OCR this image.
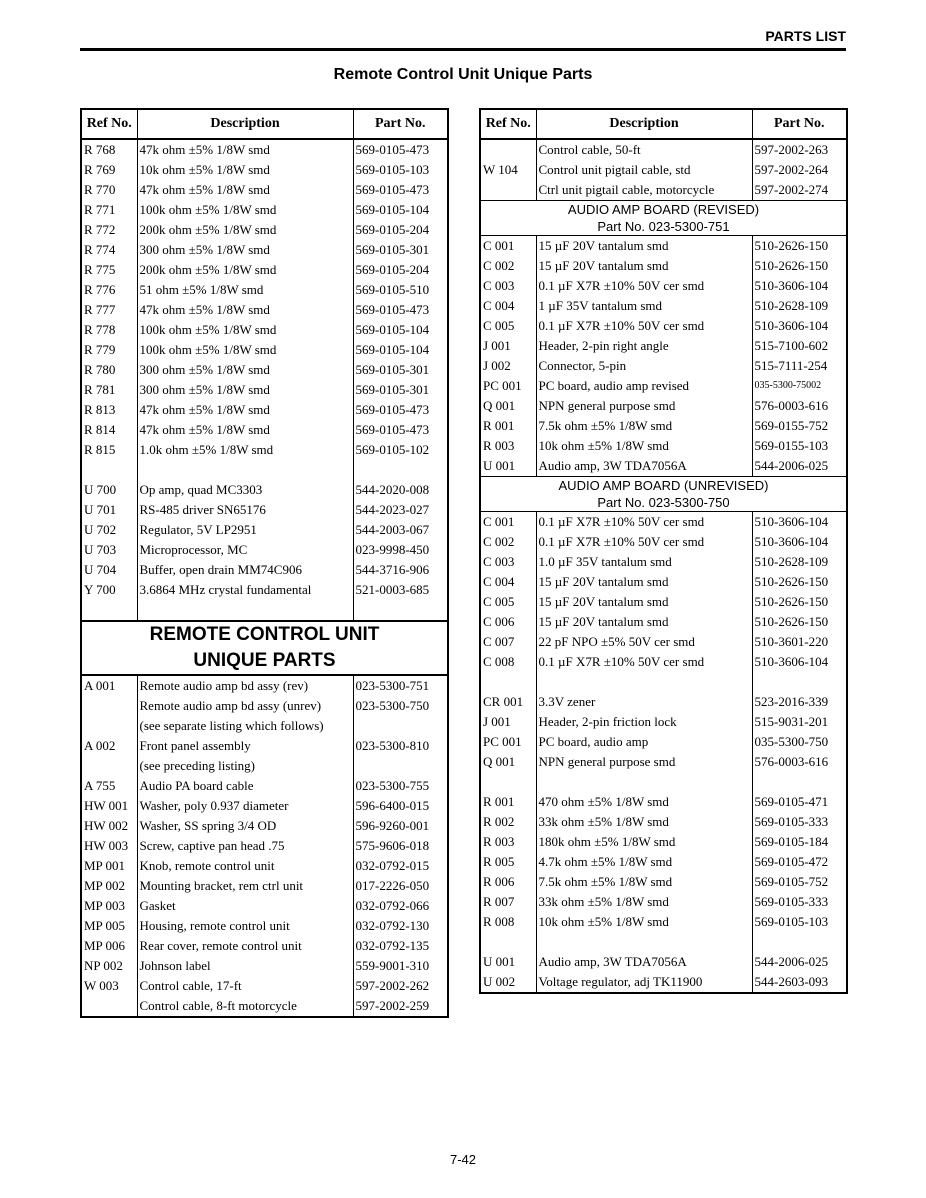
PARTS LIST
Remote Control Unit Unique Parts
Ref No.	Description	Part No.
R 768	47k ohm ±5% 1/8W smd	569-0105-473
R 769	10k ohm ±5% 1/8W smd	569-0105-103
R 770	47k ohm ±5% 1/8W smd	569-0105-473
R 771	100k ohm ±5% 1/8W smd	569-0105-104
R 772	200k ohm ±5% 1/8W smd	569-0105-204
R 774	300 ohm ±5% 1/8W smd	569-0105-301
R 775	200k ohm ±5% 1/8W smd	569-0105-204
R 776	51 ohm ±5% 1/8W smd	569-0105-510
R 777	47k ohm ±5% 1/8W smd	569-0105-473
R 778	100k ohm ±5% 1/8W smd	569-0105-104
R 779	100k ohm ±5% 1/8W smd	569-0105-104
R 780	300 ohm ±5% 1/8W smd	569-0105-301
R 781	300 ohm ±5% 1/8W smd	569-0105-301
R 813	47k ohm ±5% 1/8W smd	569-0105-473
R 814	47k ohm ±5% 1/8W smd	569-0105-473
R 815	1.0k ohm ±5% 1/8W smd	569-0105-102

U 700	Op amp, quad MC3303	544-2020-008
U 701	RS-485 driver SN65176	544-2023-027
U 702	Regulator, 5V LP2951	544-2003-067
U 703	Microprocessor, MC	023-9998-450
U 704	Buffer, open drain MM74C906	544-3716-906
Y 700	3.6864 MHz crystal fundamental	521-0003-685

REMOTE CONTROL UNIT
UNIQUE PARTS		

A 001	Remote audio amp bd assy (rev)	023-5300-751
	Remote audio amp bd assy (unrev)	023-5300-750
	(see separate listing which follows)	
A 002	Front panel assembly	023-5300-810
	(see preceding listing)	
A 755	Audio PA board cable	023-5300-755
HW 001	Washer, poly 0.937 diameter	596-6400-015
HW 002	Washer, SS spring 3/4 OD	596-9260-001
HW 003	Screw, captive pan head .75	575-9606-018
MP 001	Knob, remote control unit	032-0792-015
MP 002	Mounting bracket, rem ctrl unit	017-2226-050
MP 003	Gasket	032-0792-066
MP 005	Housing, remote control unit	032-0792-130
MP 006	Rear cover, remote control unit	032-0792-135
NP 002	Johnson label	559-9001-310
W 003	Control cable, 17-ft	597-2002-262
	Control cable, 8-ft motorcycle	597-2002-259
Ref No.	Description	Part No.
	Control cable, 50-ft	597-2002-263
W 104	Control unit pigtail cable, std	597-2002-264
	Ctrl unit pigtail cable, motorcycle	597-2002-274

AUDIO AMP BOARD (REVISED)
Part No. 023-5300-751		

C 001	15 µF 20V tantalum smd	510-2626-150
C 002	15 µF 20V tantalum smd	510-2626-150
C 003	0.1 µF X7R ±10% 50V cer smd	510-3606-104
C 004	1 µF 35V tantalum smd	510-2628-109
C 005	0.1 µF X7R ±10% 50V cer smd	510-3606-104
J 001	Header, 2-pin right angle	515-7100-602
J 002	Connector, 5-pin	515-7111-254
PC 001	PC board, audio amp revised	035-5300-75002
Q 001	NPN general purpose smd	576-0003-616
R 001	7.5k ohm ±5% 1/8W smd	569-0155-752
R 003	10k ohm ±5% 1/8W smd	569-0155-103
U 001	Audio amp, 3W TDA7056A	544-2006-025

AUDIO AMP BOARD (UNREVISED)
Part No. 023-5300-750		

C 001	0.1 µF X7R ±10% 50V cer smd	510-3606-104
C 002	0.1 µF X7R ±10% 50V cer smd	510-3606-104
C 003	1.0 µF 35V tantalum smd	510-2628-109
C 004	15 µF 20V tantalum smd	510-2626-150
C 005	15 µF 20V tantalum smd	510-2626-150
C 006	15 µF 20V tantalum smd	510-2626-150
C 007	22 pF NPO ±5% 50V cer smd	510-3601-220
C 008	0.1 µF X7R ±10% 50V cer smd	510-3606-104

CR 001	3.3V zener	523-2016-339
J 001	Header, 2-pin friction lock	515-9031-201
PC 001	PC board, audio amp	035-5300-750
Q 001	NPN general purpose smd	576-0003-616

R 001	470 ohm ±5% 1/8W smd	569-0105-471
R 002	33k ohm ±5% 1/8W smd	569-0105-333
R 003	180k ohm ±5% 1/8W smd	569-0105-184
R 005	4.7k ohm ±5% 1/8W smd	569-0105-472
R 006	7.5k ohm ±5% 1/8W smd	569-0105-752
R 007	33k ohm ±5% 1/8W smd	569-0105-333
R 008	10k ohm ±5% 1/8W smd	569-0105-103

U 001	Audio amp, 3W TDA7056A	544-2006-025
U 002	Voltage regulator, adj TK11900	544-2603-093
7-42
